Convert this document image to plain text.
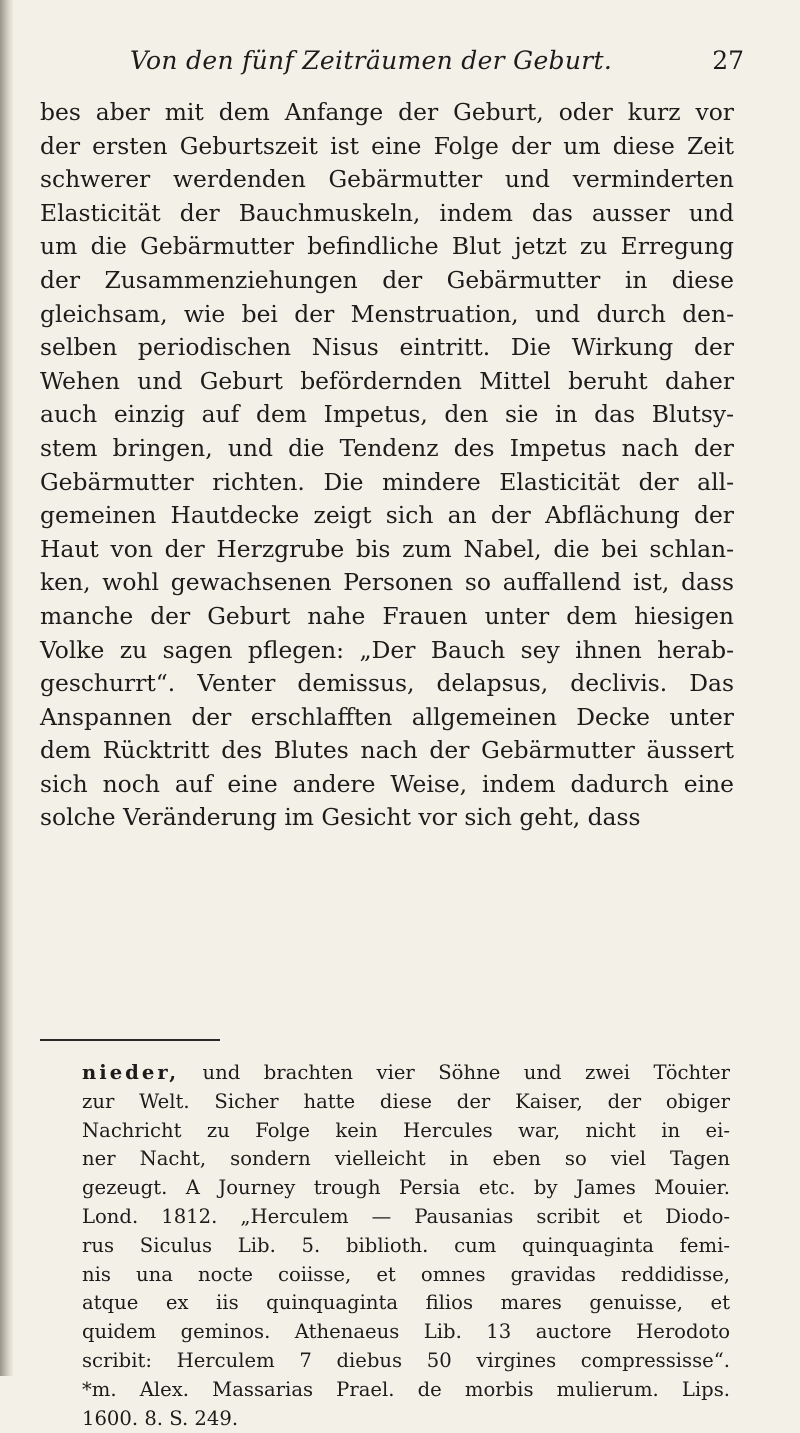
Von den fünf Zeiträumen der Geburt.	27
bes aber mit dem Anfange der Geburt, oder kurz vor
der ersten Geburtszeit ist eine Folge der um diese Zeit
schwerer werdenden Gebärmutter und verminderten
Elasticität der Bauchmuskeln, indem das ausser und
um die Gebärmutter befindliche Blut jetzt zu Erregung
der Zusammenziehungen der Gebärmutter in diese
gleichsam, wie bei der Menstruation, und durch den-
selben periodischen Nisus eintritt. Die Wirkung der
Wehen und Geburt befördernden Mittel beruht daher
auch einzig auf dem Impetus, den sie in das Blutsy-
stem bringen, und die Tendenz des Impetus nach der
Gebärmutter richten. Die mindere Elasticität der all-
gemeinen Hautdecke zeigt sich an der Abflächung der
Haut von der Herzgrube bis zum Nabel, die bei schlan-
ken, wohl gewachsenen Personen so auffallend ist, dass
manche der Geburt nahe Frauen unter dem hiesigen
Volke zu sagen pflegen: „Der Bauch sey ihnen herab-
geschurrt“. Venter demissus, delapsus, declivis. Das
Anspannen der erschlafften allgemeinen Decke unter
dem Rücktritt des Blutes nach der Gebärmutter äussert
sich noch auf eine andere Weise, indem dadurch eine
solche Veränderung im Gesicht vor sich geht, dass
nieder, und brachten vier Söhne und zwei Töchter
zur Welt. Sicher hatte diese der Kaiser, der obiger
Nachricht zu Folge kein Hercules war, nicht in ei-
ner Nacht, sondern vielleicht in eben so viel Tagen
gezeugt. A Journey trough Persia etc. by James Mouier.
Lond. 1812. „Herculem — Pausanias scribit et Diodo-
rus Siculus Lib. 5. biblioth. cum quinquaginta femi-
nis una nocte coiisse, et omnes gravidas reddidisse,
atque ex iis quinquaginta filios mares genuisse, et
quidem geminos. Athenaeus Lib. 13 auctore Herodoto
scribit: Herculem 7 diebus 50 virgines compressisse“.
*m. Alex. Massarias Prael. de morbis mulierum. Lips.
1600. 8. S. 249.
